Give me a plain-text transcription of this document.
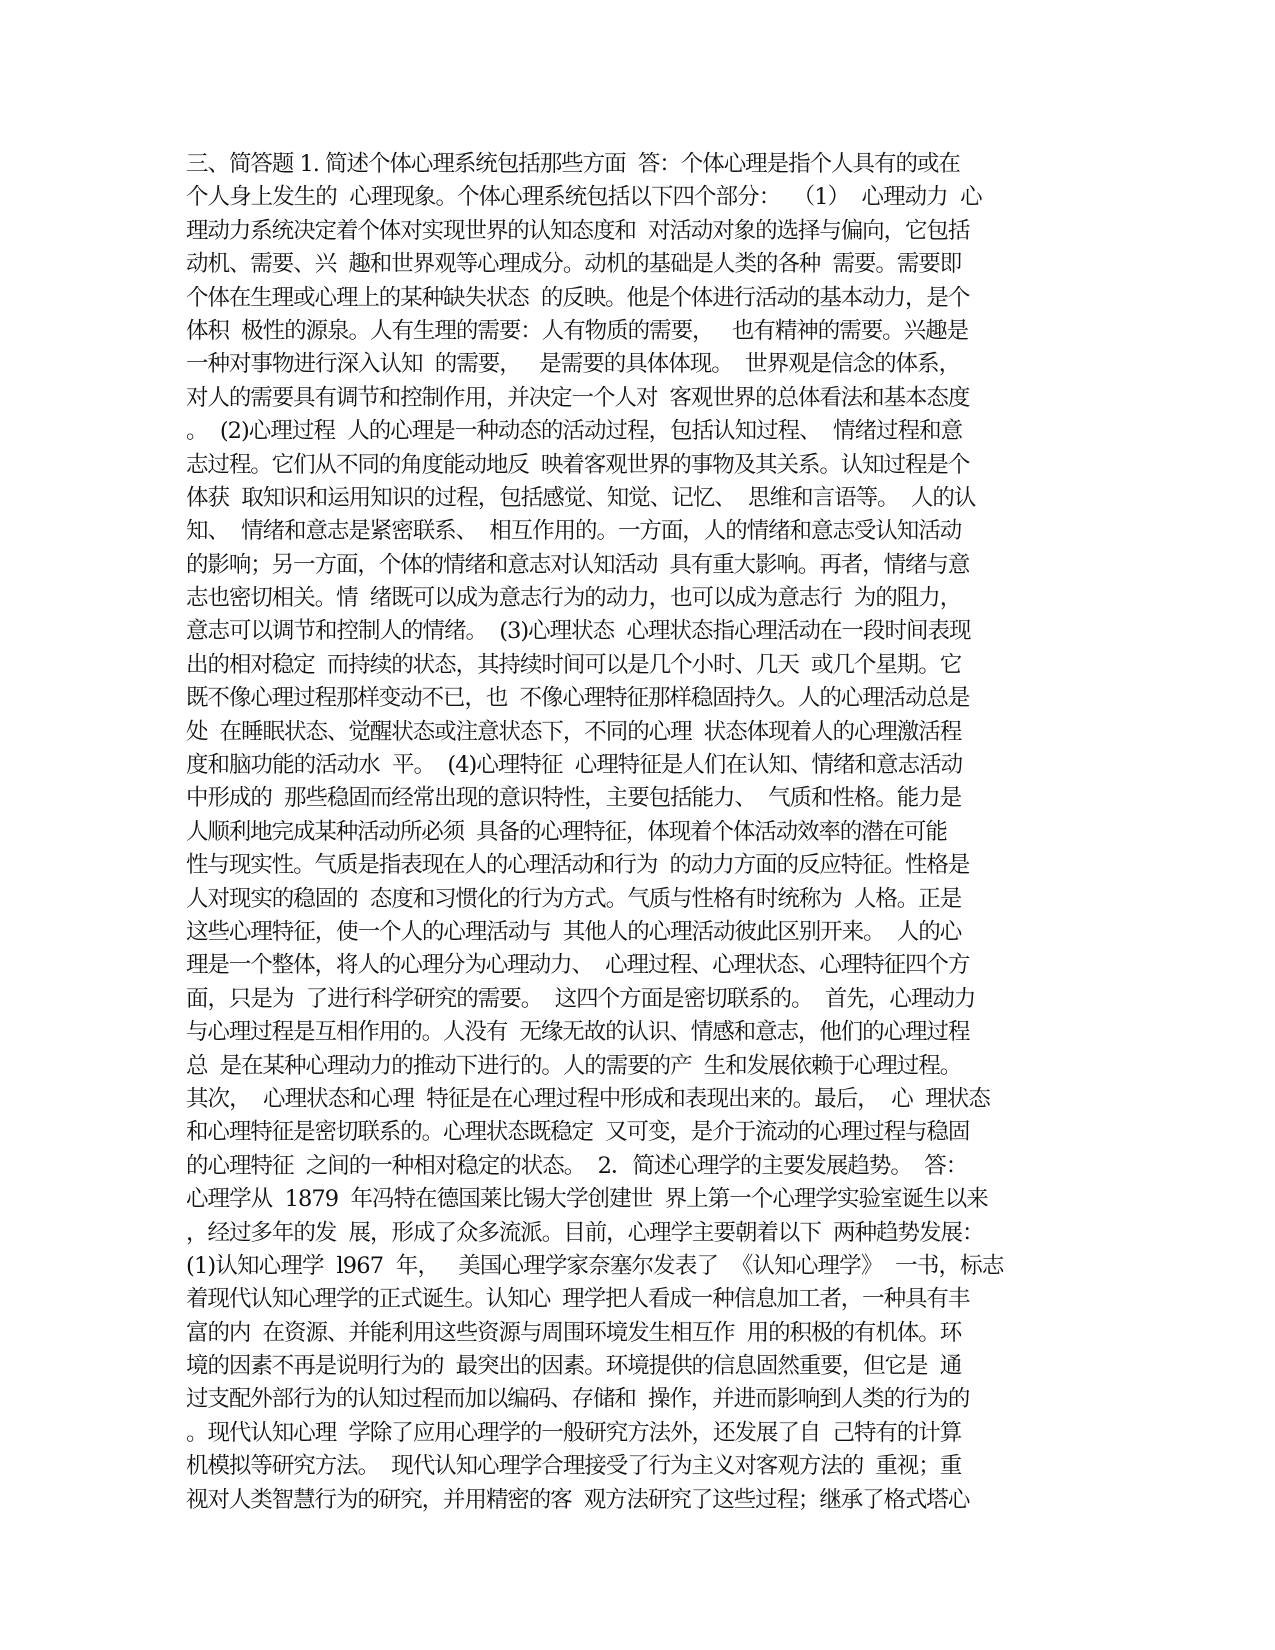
三、简答题 1. 简述个体心理系统包括那些方面  答：个体心理是指个人具有的或在
个人身上发生的  心理现象。个体心理系统包括以下四个部分：  （1）  心理动力  心
理动力系统决定着个体对实现世界的认知态度和  对活动对象的选择与偏向，它包括
动机、需要、兴  趣和世界观等心理成分。动机的基础是人类的各种  需要。需要即
个体在生理或心理上的某种缺失状态  的反映。他是个体进行活动的基本动力，是个
体积  极性的源泉。人有生理的需要：人有物质的需要，   也有精神的需要。兴趣是
一种对事物进行深入认知  的需要，   是需要的具体体现。  世界观是信念的体系，
对人的需要具有调节和控制作用，并决定一个人对  客观世界的总体看法和基本态度
。  (2)心理过程  人的心理是一种动态的活动过程，包括认知过程、  情绪过程和意
志过程。它们从不同的角度能动地反  映着客观世界的事物及其关系。认知过程是个
体获  取知识和运用知识的过程，包括感觉、知觉、记忆、  思维和言语等。  人的认
知、  情绪和意志是紧密联系、  相互作用的。一方面，人的情绪和意志受认知活动
的影响；另一方面，个体的情绪和意志对认知活动  具有重大影响。再者，情绪与意
志也密切相关。情  绪既可以成为意志行为的动力，也可以成为意志行  为的阻力，
意志可以调节和控制人的情绪。  (3)心理状态  心理状态指心理活动在一段时间表现
出的相对稳定  而持续的状态，其持续时间可以是几个小时、几天  或几个星期。它
既不像心理过程那样变动不已，也  不像心理特征那样稳固持久。人的心理活动总是
处  在睡眠状态、觉醒状态或注意状态下，不同的心理  状态体现着人的心理激活程
度和脑功能的活动水  平。  (4)心理特征  心理特征是人们在认知、情绪和意志活动
中形成的  那些稳固而经常出现的意识特性，主要包括能力、  气质和性格。能力是
人顺利地完成某种活动所必须  具备的心理特征，体现着个体活动效率的潜在可能
性与现实性。气质是指表现在人的心理活动和行为  的动力方面的反应特征。性格是
人对现实的稳固的  态度和习惯化的行为方式。气质与性格有时统称为  人格。正是
这些心理特征，使一个人的心理活动与  其他人的心理活动彼此区别开来。  人的心
理是一个整体，将人的心理分为心理动力、  心理过程、心理状态、心理特征四个方
面，只是为  了进行科学研究的需要。  这四个方面是密切联系的。  首先，心理动力
与心理过程是互相作用的。人没有  无缘无故的认识、情感和意志，他们的心理过程
总  是在某种心理动力的推动下进行的。人的需要的产  生和发展依赖于心理过程。
其次，  心理状态和心理  特征是在心理过程中形成和表现出来的。最后，  心  理状态
和心理特征是密切联系的。心理状态既稳定  又可变，是介于流动的心理过程与稳固
的心理特征  之间的一种相对稳定的状态。  2．简述心理学的主要发展趋势。  答：
心理学从  1879  年冯特在德国莱比锡大学创建世  界上第一个心理学实验室诞生以来
，经过多年的发  展，形成了众多流派。目前，心理学主要朝着以下  两种趋势发展：
(1)认知心理学  l967  年，   美国心理学家奈塞尔发表了  《认知心理学》  一书，标志
着现代认知心理学的正式诞生。认知心  理学把人看成一种信息加工者，一种具有丰
富的内  在资源、并能利用这些资源与周围环境发生相互作  用的积极的有机体。环
境的因素不再是说明行为的  最突出的因素。环境提供的信息固然重要，但它是  通
过支配外部行为的认知过程而加以编码、存储和  操作，并进而影响到人类的行为的
。现代认知心理  学除了应用心理学的一般研究方法外，还发展了自  己特有的计算
机模拟等研究方法。  现代认知心理学合理接受了行为主义对客观方法的  重视；重
视对人类智慧行为的研究，并用精密的客  观方法研究了这些过程；继承了格式塔心
